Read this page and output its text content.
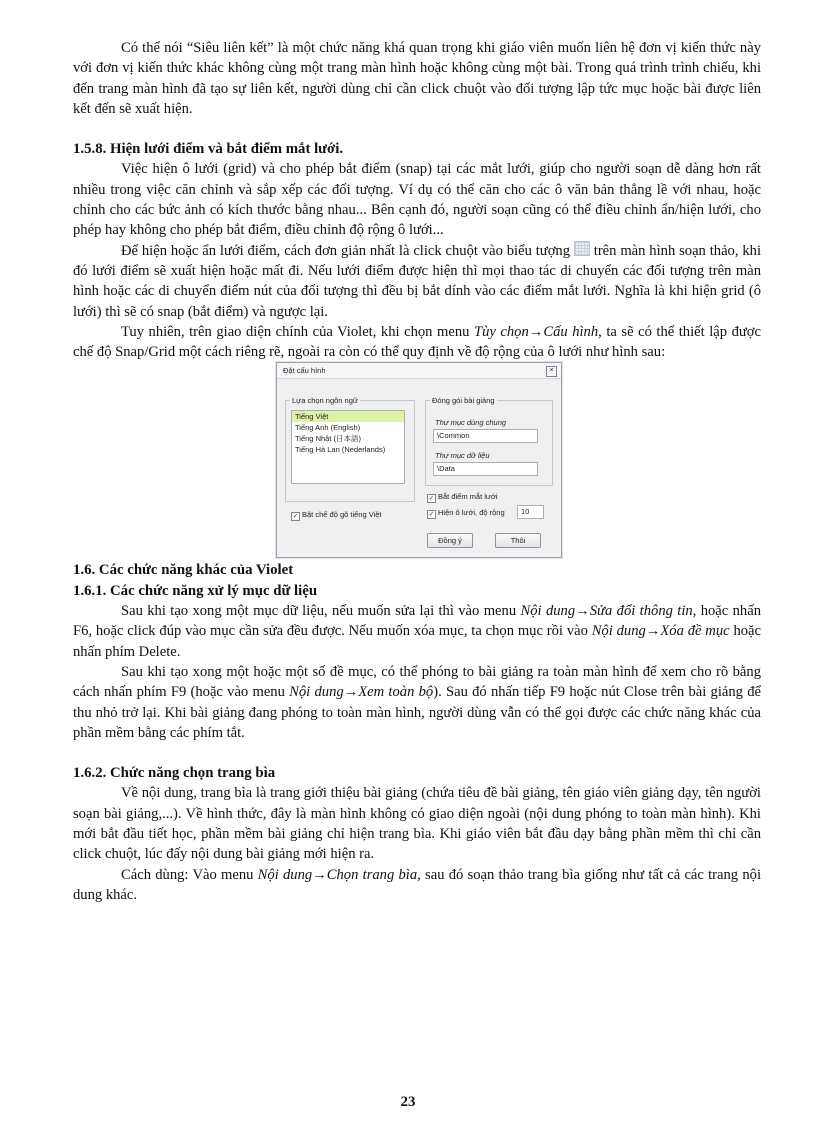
Có thể nói “Siêu liên kết” là một chức năng khá quan trọng khi giáo viên muốn liên hệ đơn vị kiến thức này với đơn vị kiến thức khác không cùng một trang màn hình hoặc không cùng một bài. Trong quá trình trình chiếu, khi đến trang màn hình đã tạo sự liên kết, người dùng chỉ cần click chuột vào đối tượng lập tức mục hoặc bài được liên kết đến sẽ xuất hiện.

1.5.8. Hiện lưới điểm và bắt điểm mắt lưới.

Việc hiện ô lưới (grid) và cho phép bắt điểm (snap) tại các mắt lưới, giúp cho người soạn dễ dàng hơn rất nhiều trong việc căn chỉnh và sắp xếp các đối tượng. Ví dụ có thể căn cho các ô văn bản thẳng lề với nhau, hoặc chỉnh cho các bức ảnh có kích thước bằng nhau... Bên cạnh đó, người soạn cũng có thể điều chỉnh ẩn/hiện lưới, cho phép hay không cho phép bắt điểm, điều chỉnh độ rộng ô lưới...

Để hiện hoặc ẩn lưới điểm, cách đơn giản nhất là click chuột vào biểu tượng trên màn hình soạn thảo, khi đó lưới điểm sẽ xuất hiện hoặc mất đi. Nếu lưới điểm được hiện thì mọi thao tác di chuyển các đối tượng trên màn hình hoặc các di chuyển điểm nút của đối tượng thì đều bị bắt dính vào các điểm mắt lưới. Nghĩa là khi hiện grid (ô lưới) thì sẽ có snap (bắt điểm) và ngược lại.

Tuy nhiên, trên giao diện chính của Violet, khi chọn menu Tùy chọn→Cấu hình, ta sẽ có thể thiết lập được chế độ Snap/Grid một cách riêng rẽ, ngoài ra còn có thể quy định về độ rộng của ô lưới như hình sau:

Đặt cấu hình	×
Lựa chọn ngôn ngữ
Tiếng Việt
Tiếng Anh (English)
Tiếng Nhật (日本語)
Tiếng Hà Lan (Nederlands)
✓ Bật chế độ gõ tiếng Việt
Đóng gói bài giảng
Thư mục dùng chung
\Common
Thư mục dữ liệu
\Data
✓ Bắt điểm mắt lưới
✓ Hiện ô lưới, độ rộng	10
Đồng ý	Thôi
1.6. Các chức năng khác của Violet
1.6.1. Các chức năng xử lý mục dữ liệu

Sau khi tạo xong một mục dữ liệu, nếu muốn sửa lại thì vào menu Nội dung→Sửa đổi thông tin, hoặc nhấn F6, hoặc click đúp vào mục cần sửa đều được. Nếu muốn xóa mục, ta chọn mục rồi vào Nội dung→Xóa đề mục hoặc nhấn phím Delete.

Sau khi tạo xong một hoặc một số đề mục, có thể phóng to bài giảng ra toàn màn hình để xem cho rõ bằng cách nhấn phím F9 (hoặc vào menu Nội dung→Xem toàn bộ). Sau đó nhấn tiếp F9 hoặc nút Close trên bài giảng để thu nhỏ trở lại. Khi bài giảng đang phóng to toàn màn hình, người dùng vẫn có thể gọi được các chức năng khác của phần mềm bằng các phím tắt.

1.6.2. Chức năng chọn trang bìa

Về nội dung, trang bìa là trang giới thiệu bài giảng (chứa tiêu đề bài giảng, tên giáo viên giảng dạy, tên người soạn bài giảng,...). Về hình thức, đây là màn hình không có giao diện ngoài (nội dung phóng to toàn màn hình). Khi mới bắt đầu tiết học, phần mềm bài giảng chỉ hiện trang bìa. Khi giáo viên bắt đầu dạy bằng phần mềm thì chỉ cần click chuột, lúc đấy nội dung bài giảng mới hiện ra.

Cách dùng: Vào menu Nội dung→Chọn trang bìa, sau đó soạn thảo trang bìa giống như tất cả các trang nội dung khác.

23
